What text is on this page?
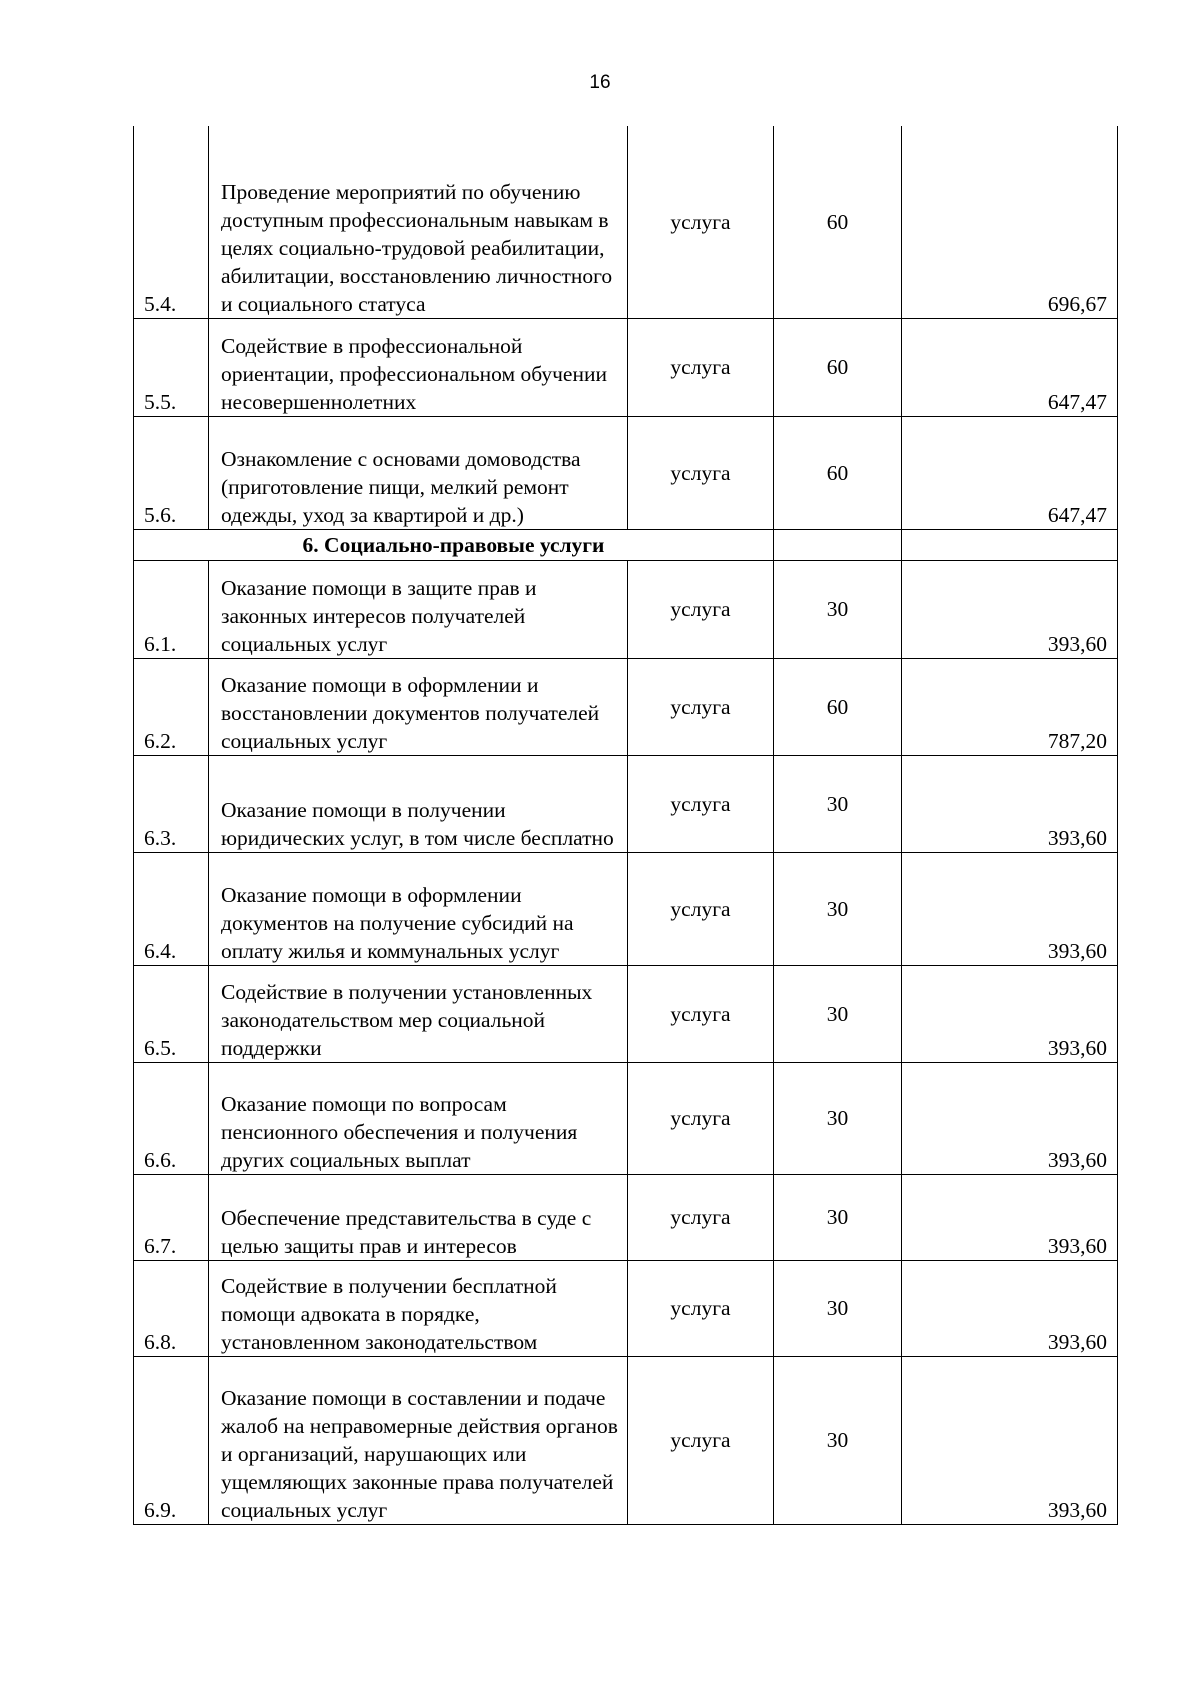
16
5.4.	Проведение мероприятий по обучению доступным профессиональным навыкам в целях социально-трудовой реабилитации, абилитации, восстановлению личностного и социального статуса	услуга	60	696,67
5.5.	Содействие в профессиональной ориентации, профессиональном обучении несовершеннолетних	услуга	60	647,47
5.6.	Ознакомление с основами домоводства (приготовление пищи, мелкий ремонт одежды, уход за квартирой и др.)	услуга	60	647,47
6. Социально-правовые услуги				
6.1.	Оказание помощи в защите прав и законных интересов получателей социальных услуг	услуга	30	393,60
6.2.	Оказание помощи в оформлении и восстановлении документов получателей социальных услуг	услуга	60	787,20
6.3.	Оказание помощи в получении юридических услуг, в том числе бесплатно	услуга	30	393,60
6.4.	Оказание помощи в оформлении документов на получение субсидий на оплату жилья и коммунальных услуг	услуга	30	393,60
6.5.	Содействие в получении установленных законодательством мер социальной поддержки	услуга	30	393,60
6.6.	Оказание помощи по вопросам пенсионного обеспечения и получения других социальных выплат	услуга	30	393,60
6.7.	Обеспечение представительства в суде с целью защиты прав и интересов	услуга	30	393,60
6.8.	Содействие в получении бесплатной помощи адвоката в порядке, установленном законодательством	услуга	30	393,60
6.9.	Оказание помощи в составлении и подаче жалоб на неправомерные действия органов и организаций, нарушающих или ущемляющих законные права получателей социальных услуг	услуга	30	393,60
